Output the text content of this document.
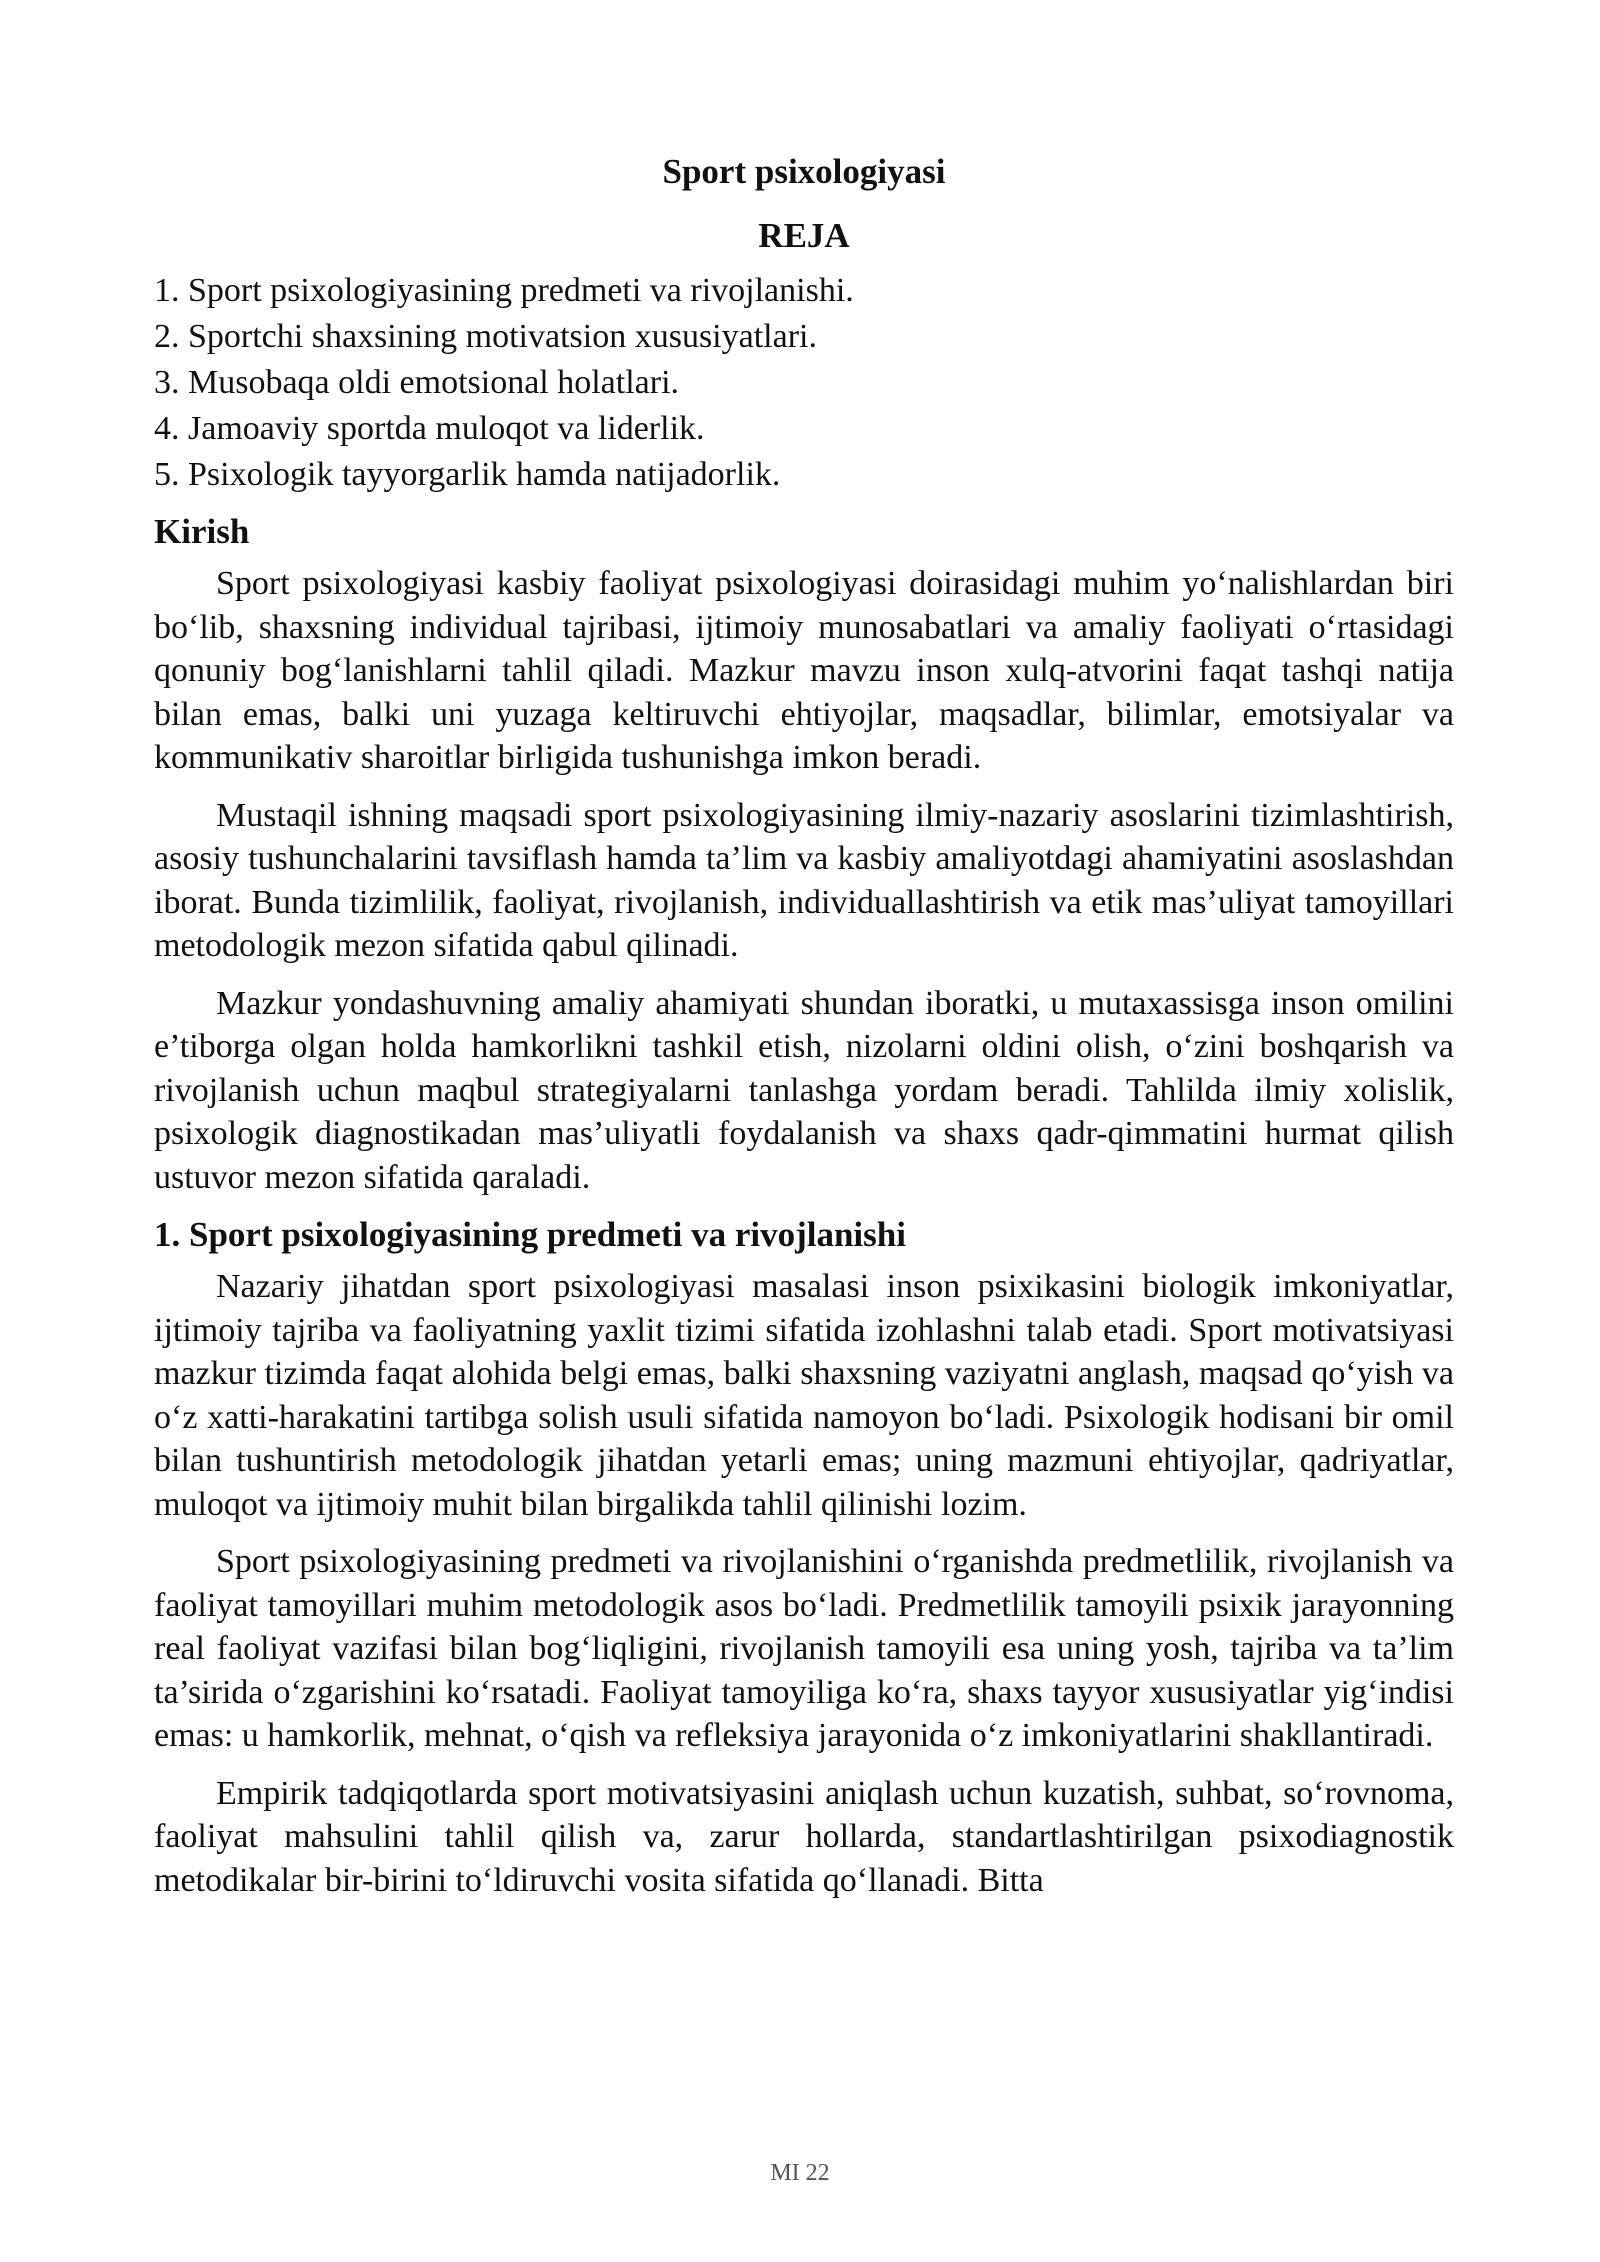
Sport psixologiyasi
REJA
1. Sport psixologiyasining predmeti va rivojlanishi.
2. Sportchi shaxsining motivatsion xususiyatlari.
3. Musobaqa oldi emotsional holatlari.
4. Jamoaviy sportda muloqot va liderlik.
5. Psixologik tayyorgarlik hamda natijadorlik.
Kirish

Sport psixologiyasi kasbiy faoliyat psixologiyasi doirasidagi muhim yo‘nalishlardan biri bo‘lib, shaxsning individual tajribasi, ijtimoiy munosabatlari va amaliy faoliyati o‘rtasidagi qonuniy bog‘lanishlarni tahlil qiladi. Mazkur mavzu inson xulq-atvorini faqat tashqi natija bilan emas, balki uni yuzaga keltiruvchi ehtiyojlar, maqsadlar, bilimlar, emotsiyalar va kommunikativ sharoitlar birligida tushunishga imkon beradi.

Mustaqil ishning maqsadi sport psixologiyasining ilmiy-nazariy asoslarini tizimlashtirish, asosiy tushunchalarini tavsiflash hamda ta’lim va kasbiy amaliyotdagi ahamiyatini asoslashdan iborat. Bunda tizimlilik, faoliyat, rivojlanish, individuallashtirish va etik mas’uliyat tamoyillari metodologik mezon sifatida qabul qilinadi.

Mazkur yondashuvning amaliy ahamiyati shundan iboratki, u mutaxassisga inson omilini e’tiborga olgan holda hamkorlikni tashkil etish, nizolarni oldini olish, o‘zini boshqarish va rivojlanish uchun maqbul strategiyalarni tanlashga yordam beradi. Tahlilda ilmiy xolislik, psixologik diagnostikadan mas’uliyatli foydalanish va shaxs qadr-qimmatini hurmat qilish ustuvor mezon sifatida qaraladi.

1. Sport psixologiyasining predmeti va rivojlanishi

Nazariy jihatdan sport psixologiyasi masalasi inson psixikasini biologik imkoniyatlar, ijtimoiy tajriba va faoliyatning yaxlit tizimi sifatida izohlashni talab etadi. Sport motivatsiyasi mazkur tizimda faqat alohida belgi emas, balki shaxsning vaziyatni anglash, maqsad qo‘yish va o‘z xatti-harakatini tartibga solish usuli sifatida namoyon bo‘ladi. Psixologik hodisani bir omil bilan tushuntirish metodologik jihatdan yetarli emas; uning mazmuni ehtiyojlar, qadriyatlar, muloqot va ijtimoiy muhit bilan birgalikda tahlil qilinishi lozim.

Sport psixologiyasining predmeti va rivojlanishini o‘rganishda predmetlilik, rivojlanish va faoliyat tamoyillari muhim metodologik asos bo‘ladi. Predmetlilik tamoyili psixik jarayonning real faoliyat vazifasi bilan bog‘liqligini, rivojlanish tamoyili esa uning yosh, tajriba va ta’lim ta’sirida o‘zgarishini ko‘rsatadi. Faoliyat tamoyiliga ko‘ra, shaxs tayyor xususiyatlar yig‘indisi emas: u hamkorlik, mehnat, o‘qish va refleksiya jarayonida o‘z imkoniyatlarini shakllantiradi.

Empirik tadqiqotlarda sport motivatsiyasini aniqlash uchun kuzatish, suhbat, so‘rovnoma, faoliyat mahsulini tahlil qilish va, zarur hollarda, standartlashtirilgan psixodiagnostik metodikalar bir-birini to‘ldiruvchi vosita sifatida qo‘llanadi. Bitta

MI 22
